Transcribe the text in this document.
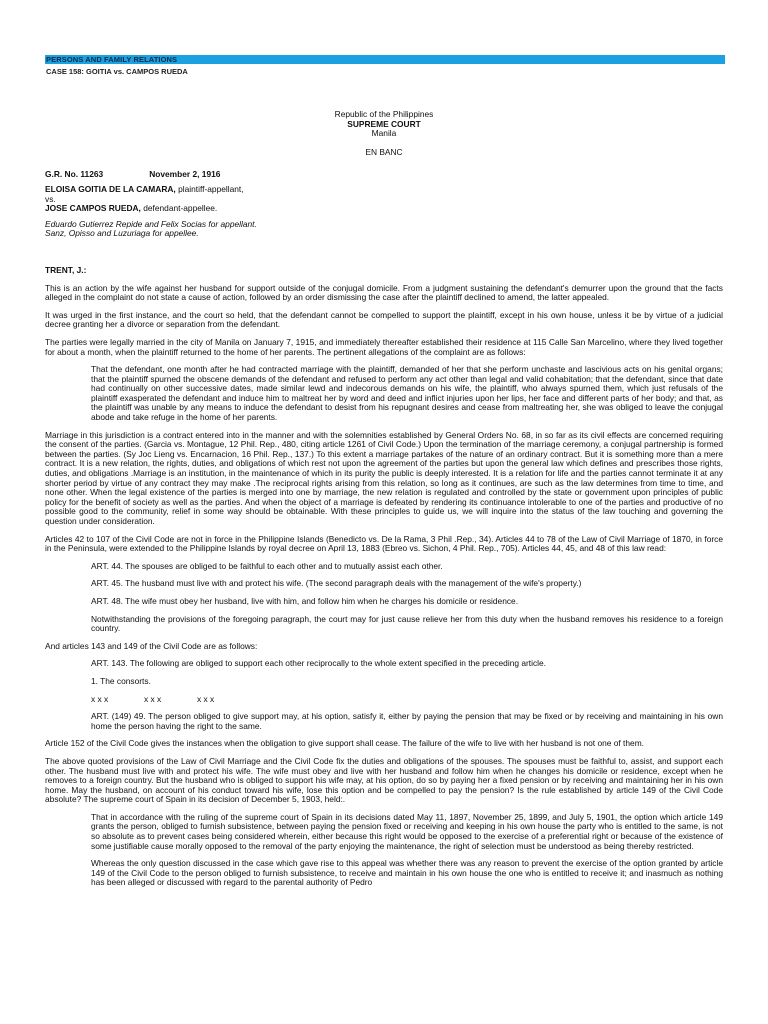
PERSONS AND FAMILY RELATIONS
CASE 158: GOITIA vs. CAMPOS RUEDA
Republic of the Philippines
SUPREME COURT
Manila
EN BANC
G.R. No. 11263	November 2, 1916
ELOISA GOITIA DE LA CAMARA, plaintiff-appellant,
vs.
JOSE CAMPOS RUEDA, defendant-appellee.
Eduardo Gutierrez Repide and Felix Socias for appellant.
Sanz, Opisso and Luzuriaga for appellee.
TRENT, J.:

This is an action by the wife against her husband for support outside of the conjugal domicile. From a judgment sustaining the defendant's demurrer upon the ground that the facts alleged in the complaint do not state a cause of action, followed by an order dismissing the case after the plaintiff declined to amend, the latter appealed.

It was urged in the first instance, and the court so held, that the defendant cannot be compelled to support the plaintiff, except in his own house, unless it be by virtue of a judicial decree granting her a divorce or separation from the defendant.

The parties were legally married in the city of Manila on January 7, 1915, and immediately thereafter established their residence at 115 Calle San Marcelino, where they lived together for about a month, when the plaintiff returned to the home of her parents. The pertinent allegations of the complaint are as follows:

That the defendant, one month after he had contracted marriage with the plaintiff, demanded of her that she perform unchaste and lascivious acts on his genital organs; that the plaintiff spurned the obscene demands of the defendant and refused to perform any act other than legal and valid cohabitation; that the defendant, since that date had continually on other successive dates, made similar lewd and indecorous demands on his wife, the plaintiff, who always spurned them, which just refusals of the plaintiff exasperated the defendant and induce him to maltreat her by word and deed and inflict injuries upon her lips, her face and different parts of her body; and that, as the plaintiff was unable by any means to induce the defendant to desist from his repugnant desires and cease from maltreating her, she was obliged to leave the conjugal abode and take refuge in the home of her parents.

Marriage in this jurisdiction is a contract entered into in the manner and with the solemnities established by General Orders No. 68, in so far as its civil effects are concerned requiring the consent of the parties. (Garcia vs. Montague, 12 Phil. Rep., 480, citing article 1261 of Civil Code.) Upon the termination of the marriage ceremony, a conjugal partnership is formed between the parties. (Sy Joc Lieng vs. Encarnacion, 16 Phil. Rep., 137.) To this extent a marriage partakes of the nature of an ordinary contract. But it is something more than a mere contract. It is a new relation, the rights, duties, and obligations of which rest not upon the agreement of the parties but upon the general law which defines and prescribes those rights, duties, and obligations .Marriage is an institution, in the maintenance of which in its purity the public is deeply interested. It is a relation for life and the parties cannot terminate it at any shorter period by virtue of any contract they may make .The reciprocal rights arising from this relation, so long as it continues, are such as the law determines from time to time, and none other. When the legal existence of the parties is merged into one by marriage, the new relation is regulated and controlled by the state or government upon principles of public policy for the benefit of society as well as the parties. And when the object of a marriage is defeated by rendering its continuance intolerable to one of the parties and productive of no possible good to the community, relief in some way should be obtainable. With these principles to guide us, we will inquire into the status of the law touching and governing the question under consideration.

Articles 42 to 107 of the Civil Code are not in force in the Philippine Islands (Benedicto vs. De la Rama, 3 Phil .Rep., 34). Articles 44 to 78 of the Law of Civil Marriage of 1870, in force in the Peninsula, were extended to the Philippine Islands by royal decree on April 13, 1883 (Ebreo vs. Sichon, 4 Phil. Rep., 705). Articles 44, 45, and 48 of this law read:

ART. 44. The spouses are obliged to be faithful to each other and to mutually assist each other.

ART. 45. The husband must live with and protect his wife. (The second paragraph deals with the management of the wife's property.)

ART. 48. The wife must obey her husband, live with him, and follow him when he charges his domicile or residence.

Notwithstanding the provisions of the foregoing paragraph, the court may for just cause relieve her from this duty when the husband removes his residence to a foreign country.

And articles 143 and 149 of the Civil Code are as follows:

ART. 143. The following are obliged to support each other reciprocally to the whole extent specified in the preceding article.

1. The consorts.

x x x	x x x	x x x

ART. (149) 49. The person obliged to give support may, at his option, satisfy it, either by paying the pension that may be fixed or by receiving and maintaining in his own home the person having the right to the same.

Article 152 of the Civil Code gives the instances when the obligation to give support shall cease. The failure of the wife to live with her husband is not one of them.

The above quoted provisions of the Law of Civil Marriage and the Civil Code fix the duties and obligations of the spouses. The spouses must be faithful to, assist, and support each other. The husband must live with and protect his wife. The wife must obey and live with her husband and follow him when he changes his domicile or residence, except when he removes to a foreign country. But the husband who is obliged to support his wife may, at his option, do so by paying her a fixed pension or by receiving and maintaining her in his own home. May the husband, on account of his conduct toward his wife, lose this option and be compelled to pay the pension? Is the rule established by article 149 of the Civil Code absolute? The supreme court of Spain in its decision of December 5, 1903, held:.

That in accordance with the ruling of the supreme court of Spain in its decisions dated May 11, 1897, November 25, 1899, and July 5, 1901, the option which article 149 grants the person, obliged to furnish subsistence, between paying the pension fixed or receiving and keeping in his own house the party who is entitled to the same, is not so absolute as to prevent cases being considered wherein, either because this right would be opposed to the exercise of a preferential right or because of the existence of some justifiable cause morally opposed to the removal of the party enjoying the maintenance, the right of selection must be understood as being thereby restricted.

Whereas the only question discussed in the case which gave rise to this appeal was whether there was any reason to prevent the exercise of the option granted by article 149 of the Civil Code to the person obliged to furnish subsistence, to receive and maintain in his own house the one who is entitled to receive it; and inasmuch as nothing has been alleged or discussed with regard to the parental authority of Pedro
